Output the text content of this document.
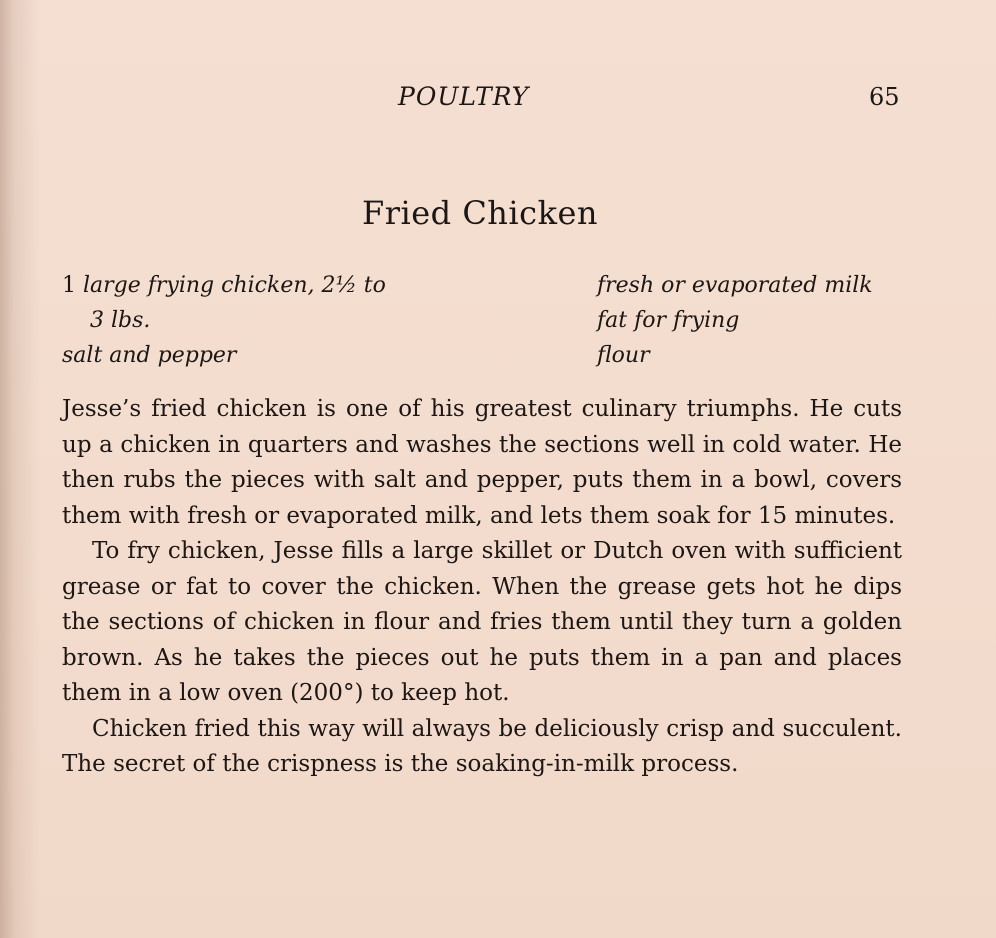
POULTRY	65
Fried Chicken
1 large frying chicken, 2½ to
3 lbs.
salt and pepper
fresh or evaporated milk
fat for frying
flour

Jesse’s fried chicken is one of his greatest culinary triumphs. He cuts up a chicken in quarters and washes the sections well in cold water. He then rubs the pieces with salt and pepper, puts them in a bowl, covers them with fresh or evaporated milk, and lets them soak for 15 minutes.

To fry chicken, Jesse fills a large skillet or Dutch oven with sufficient grease or fat to cover the chicken. When the grease gets hot he dips the sections of chicken in flour and fries them until they turn a golden brown. As he takes the pieces out he puts them in a pan and places them in a low oven (200°) to keep hot.

Chicken fried this way will always be deliciously crisp and succulent. The secret of the crispness is the soaking-in-milk process.
